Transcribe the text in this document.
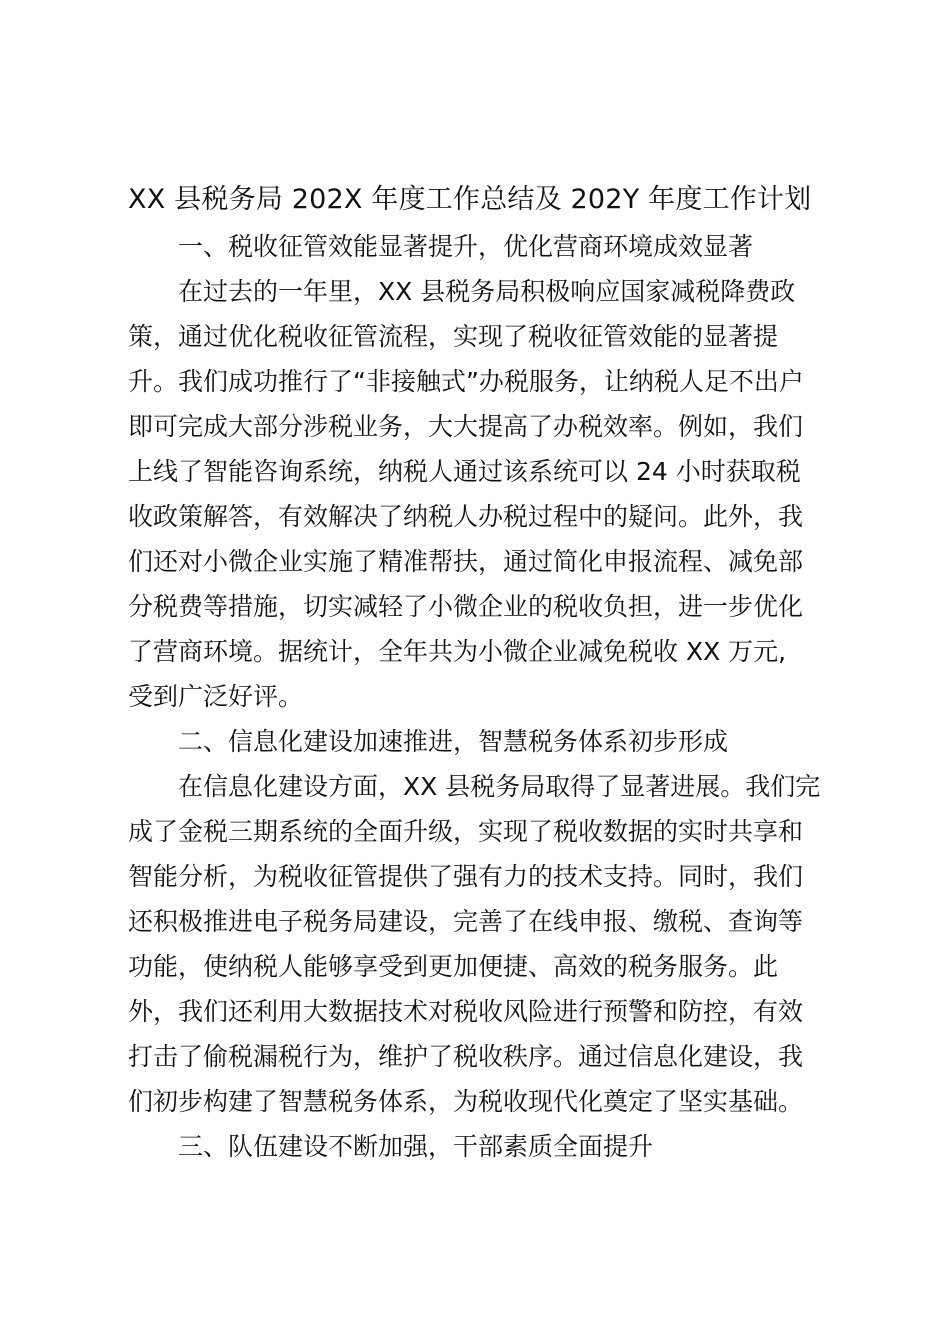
XX 县税务局 202X 年度工作总结及 202Y 年度工作计划
一、税收征管效能显著提升，优化营商环境成效显著
在过去的一年里，XX 县税务局积极响应国家减税降费政
策，通过优化税收征管流程，实现了税收征管效能的显著提
升。我们成功推行了“非接触式”办税服务，让纳税人足不出户
即可完成大部分涉税业务，大大提高了办税效率。例如，我们
上线了智能咨询系统，纳税人通过该系统可以 24 小时获取税
收政策解答，有效解决了纳税人办税过程中的疑问。此外，我
们还对小微企业实施了精准帮扶，通过简化申报流程、减免部
分税费等措施，切实减轻了小微企业的税收负担，进一步优化
了营商环境。据统计，全年共为小微企业减免税收 XX 万元,
受到广泛好评。
二、信息化建设加速推进，智慧税务体系初步形成
在信息化建设方面，XX 县税务局取得了显著进展。我们完
成了金税三期系统的全面升级，实现了税收数据的实时共享和
智能分析，为税收征管提供了强有力的技术支持。同时，我们
还积极推进电子税务局建设，完善了在线申报、缴税、查询等
功能，使纳税人能够享受到更加便捷、高效的税务服务。此
外，我们还利用大数据技术对税收风险进行预警和防控，有效
打击了偷税漏税行为，维护了税收秩序。通过信息化建设，我
们初步构建了智慧税务体系，为税收现代化奠定了坚实基础。
三、队伍建设不断加强，干部素质全面提升
